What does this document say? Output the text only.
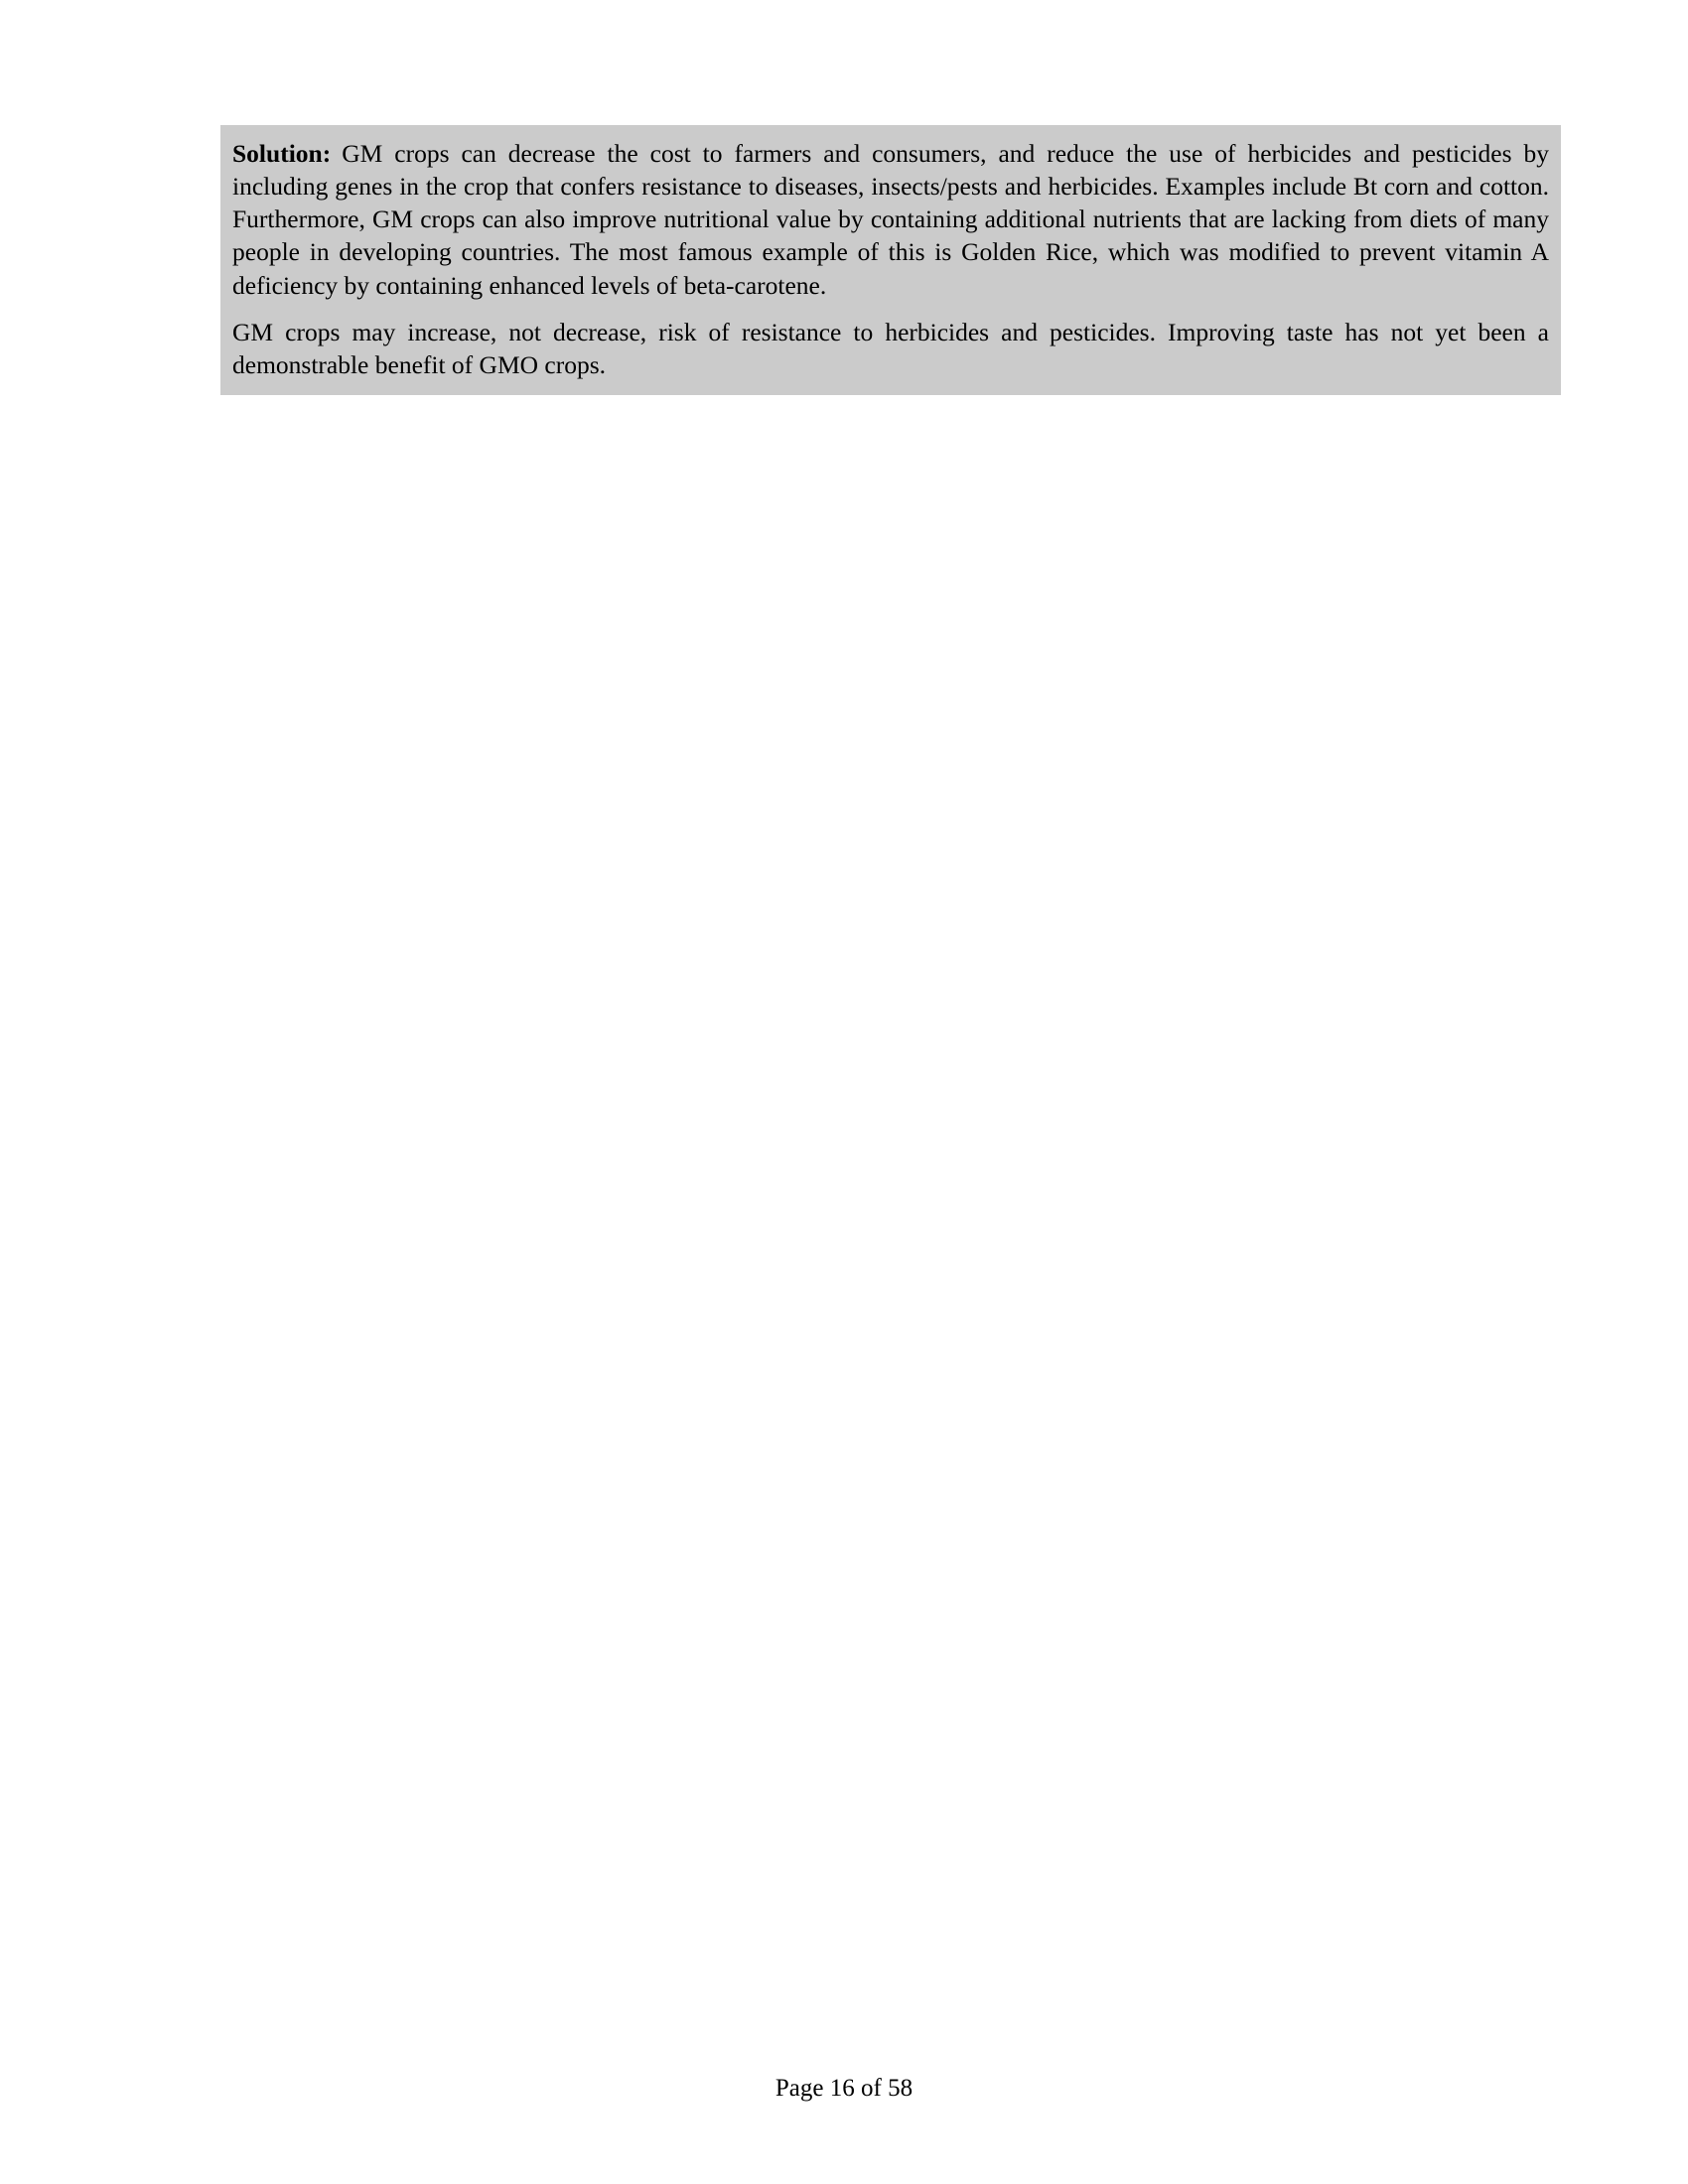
Solution: GM crops can decrease the cost to farmers and consumers, and reduce the use of herbicides and pesticides by including genes in the crop that confers resistance to diseases, insects/pests and herbicides. Examples include Bt corn and cotton. Furthermore, GM crops can also improve nutritional value by containing additional nutrients that are lacking from diets of many people in developing countries. The most famous example of this is Golden Rice, which was modified to prevent vitamin A deficiency by containing enhanced levels of beta-carotene.

GM crops may increase, not decrease, risk of resistance to herbicides and pesticides. Improving taste has not yet been a demonstrable benefit of GMO crops.

Page 16 of 58
